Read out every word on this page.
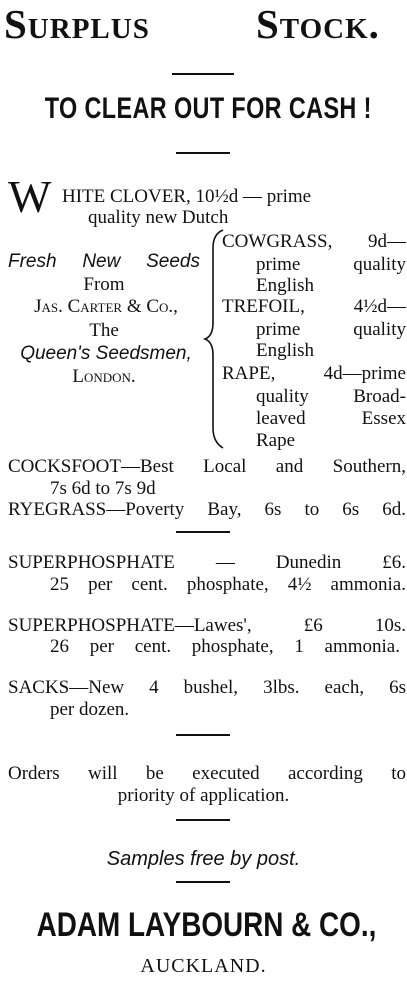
Surplus	Stock.
TO CLEAR OUT FOR CASH !
W HITE CLOVER, 10½d — prime
quality new Dutch
Fresh New Seeds
From
Jas. Carter & Co.,
The
Queen's Seedsmen,
London.
COWGRASS, 9d—
prime quality
English
TREFOIL, 4½d—
prime quality
English
RAPE, 4d—prime
quality Broad-
leaved Essex
Rape
COCKSFOOT—Best Local and Southern,
7s 6d to 7s 9d
RYEGRASS—Poverty Bay, 6s to 6s 6d.
SUPERPHOSPHATE — Dunedin £6.
25 per cent. phosphate, 4½ ammonia.
SUPERPHOSPHATE—Lawes', £6 10s.
26 per cent. phosphate, 1 ammonia.
SACKS—New 4 bushel, 3lbs. each, 6s
per dozen.
Orders will be executed according to
priority of application.
Samples free by post.
ADAM LAYBOURN & CO.,
AUCKLAND.
